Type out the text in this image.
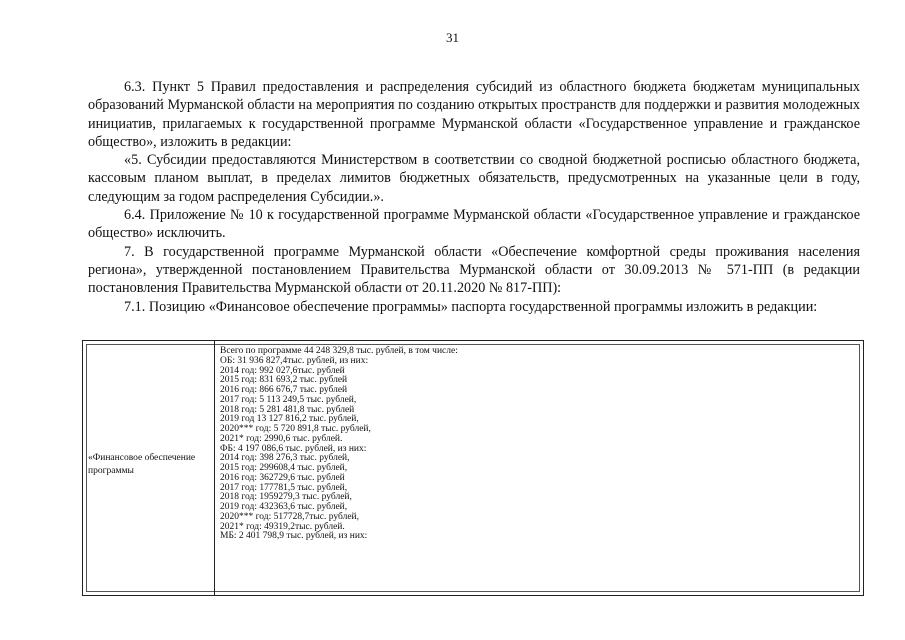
31

6.3. Пункт 5 Правил предоставления и распределения субсидий из областного бюджета бюджетам муниципальных образований Мурманской области на мероприятия по созданию открытых пространств для поддержки и развития молодежных инициатив, прилагаемых к государственной программе Мурманской области «Государственное управление и гражданское общество», изложить в редакции:

«5. Субсидии предоставляются Министерством в соответствии со сводной бюджетной росписью областного бюджета, кассовым планом выплат, в пределах лимитов бюджетных обязательств, предусмотренных на указанные цели в году, следующим за годом распределения Субсидии.».

6.4. Приложение № 10 к государственной программе Мурманской области «Государственное управление и гражданское общество» исключить.

7. В государственной программе Мурманской области «Обеспечение комфортной среды проживания населения региона», утвержденной постановлением Правительства Мурманской области от 30.09.2013 № 571-ПП (в редакции постановления Правительства Мурманской области от 20.11.2020 № 817-ПП):

7.1. Позицию «Финансовое обеспечение программы» паспорта государственной программы изложить в редакции:

«Финансовое обеспечение программы
Всего по программе 44 248 329,8 тыс. рублей, в том числе:
ОБ: 31 936 827,4тыс. рублей, из них:
2014 год: 992 027,6тыс. рублей
2015 год: 831 693,2 тыс. рублей
2016 год: 866 676,7 тыс. рублей
2017 год: 5 113 249,5 тыс. рублей,
2018 год: 5 281 481,8 тыс. рублей
2019 год 13 127 816,2 тыс. рублей,
2020*** год: 5 720 891,8 тыс. рублей,
2021* год: 2990,6 тыс. рублей.
ФБ: 4 197 086,6 тыс. рублей, из них:
2014 год: 398 276,3 тыс. рублей,
2015 год: 299608,4 тыс. рублей,
2016 год: 362729,6 тыс. рублей
2017 год: 177781,5 тыс. рублей,
2018 год: 1959279,3 тыс. рублей,
2019 год: 432363,6 тыс. рублей,
2020*** год: 517728,7тыс. рублей,
2021* год: 49319,2тыс. рублей.
МБ: 2 401 798,9 тыс. рублей, из них:
